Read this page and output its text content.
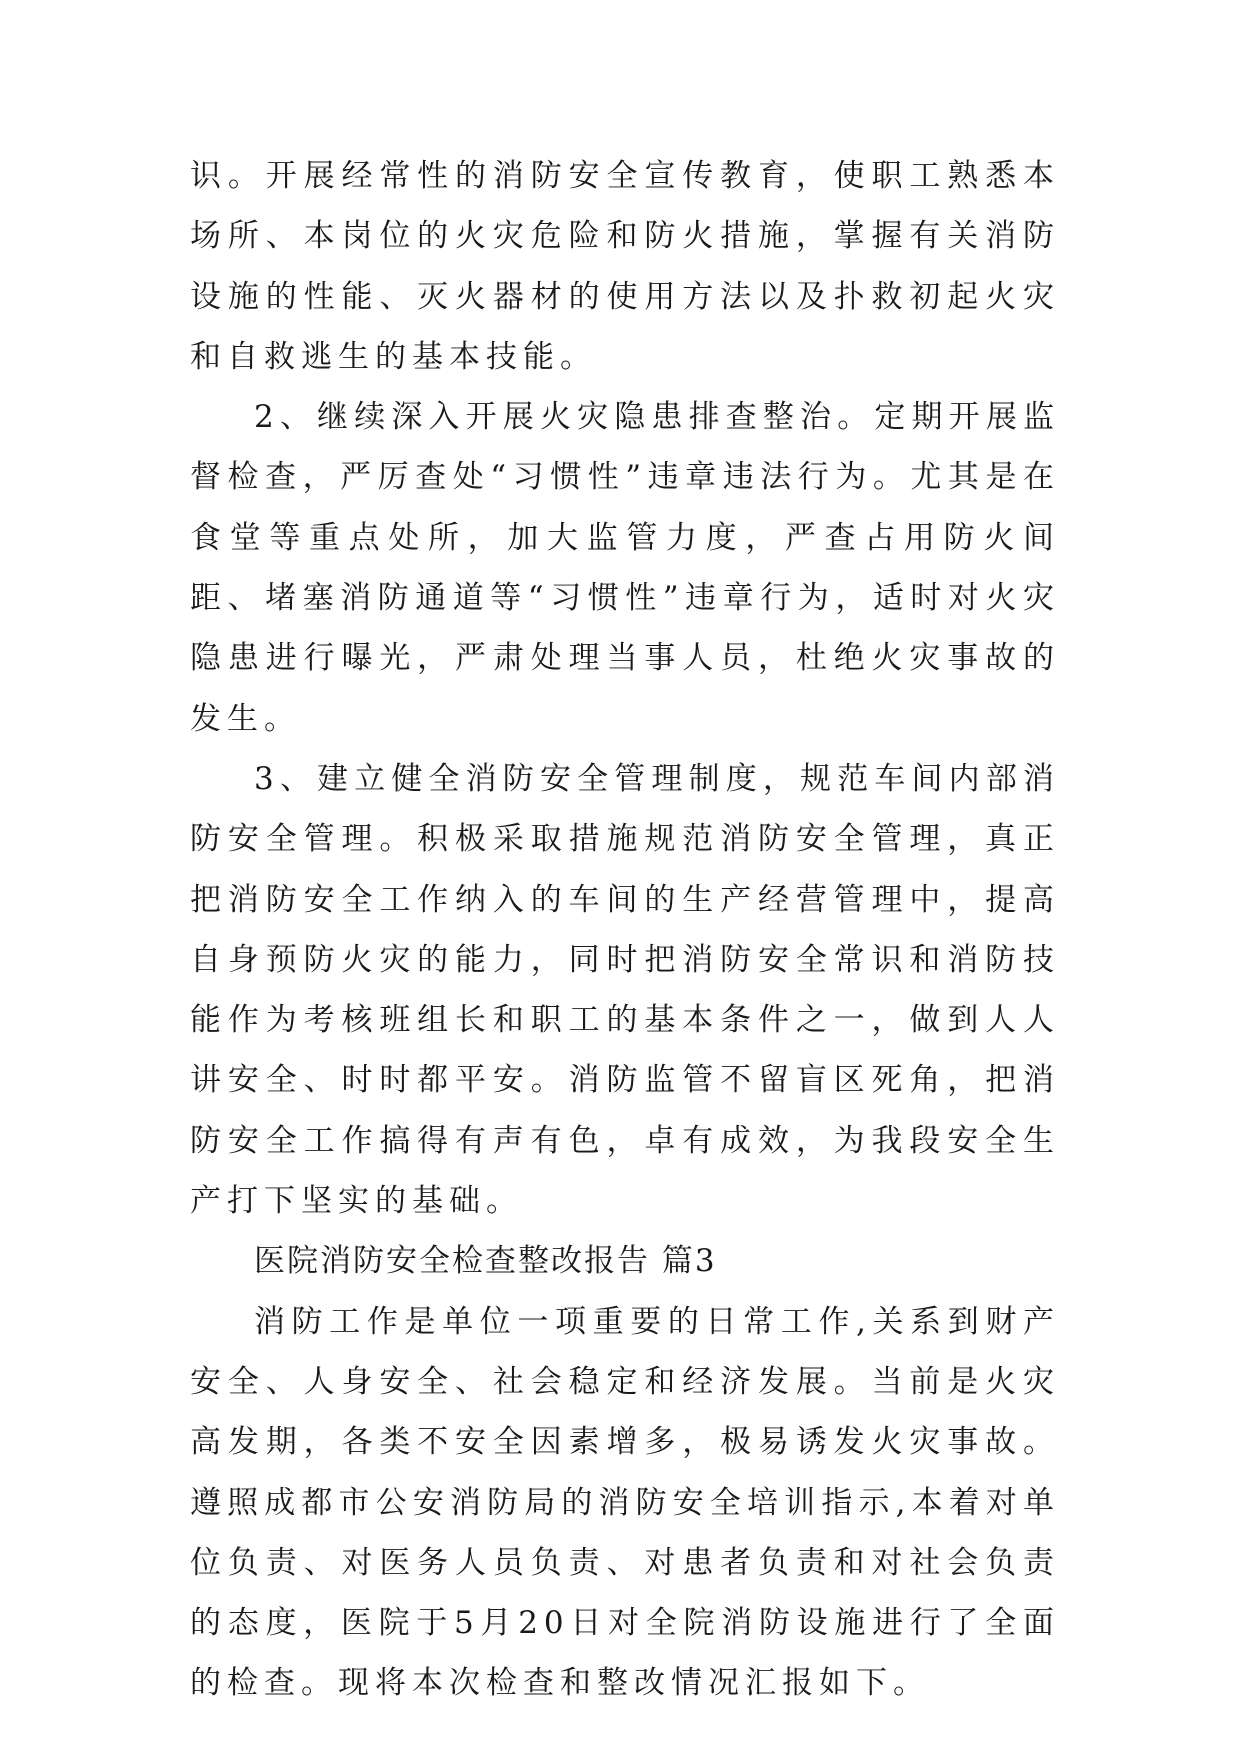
识。开展经常性的消防安全宣传教育，使职工熟悉本场所、本岗位的火灾危险和防火措施，掌握有关消防设施的性能、灭火器材的使用方法以及扑救初起火灾和自救逃生的基本技能。

2、继续深入开展火灾隐患排查整治。定期开展监督检查，严厉查处“习惯性”违章违法行为。尤其是在食堂等重点处所，加大监管力度，严查占用防火间距、堵塞消防通道等“习惯性”违章行为，适时对火灾隐患进行曝光，严肃处理当事人员，杜绝火灾事故的发生。

3、建立健全消防安全管理制度，规范车间内部消防安全管理。积极采取措施规范消防安全管理，真正把消防安全工作纳入的车间的生产经营管理中，提高自身预防火灾的能力，同时把消防安全常识和消防技能作为考核班组长和职工的基本条件之一，做到人人讲安全、时时都平安。消防监管不留盲区死角，把消防安全工作搞得有声有色，卓有成效，为我段安全生产打下坚实的基础。

医院消防安全检查整改报告 篇3

消防工作是单位一项重要的日常工作,关系到财产安全、人身安全、社会稳定和经济发展。当前是火灾高发期，各类不安全因素增多，极易诱发火灾事故。遵照成都市公安消防局的消防安全培训指示,本着对单位负责、对医务人员负责、对患者负责和对社会负责的态度，医院于5月20日对全院消防设施进行了全面的检查。现将本次检查和整改情况汇报如下。
